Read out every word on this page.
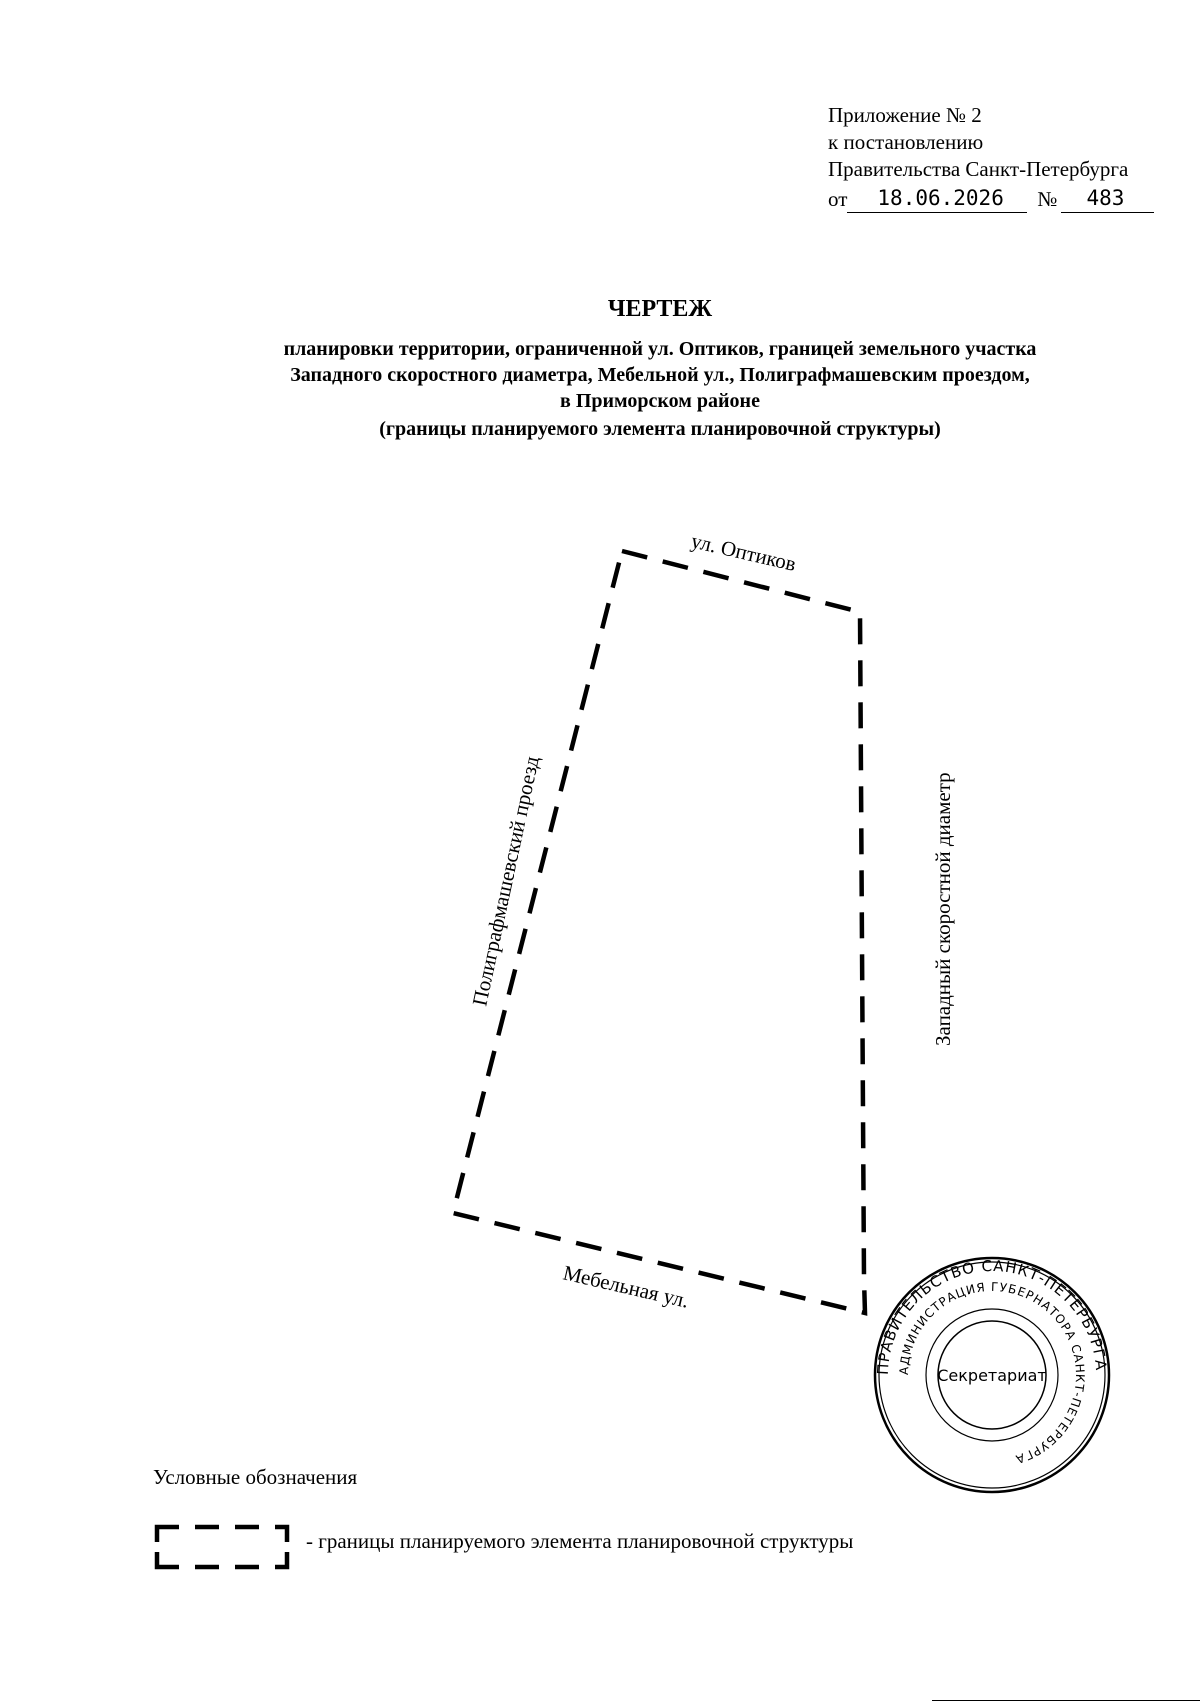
Приложение № 2
к постановлению
Правительства Санкт-Петербурга
от	18.06.2026	№	483
ЧЕРТЕЖ
планировки территории, ограниченной ул. Оптиков, границей земельного участка
Западного скоростного диаметра, Мебельной ул., Полиграфмашевским проездом,
в Приморском районе
(границы планируемого элемента планировочной структуры)
ул. Оптиков
Полиграфмашевский проезд	Западный скоростной диаметр
Мебельная ул.
Условные обозначения
- границы планируемого элемента планировочной структуры
ПРАВИТЕЛЬСТВО САНКТ-ПЕТЕРБУРГА
АДМИНИСТРАЦИЯ ГУБЕРНАТОРА САНКТ-ПЕТЕРБУРГА
Секретариат
